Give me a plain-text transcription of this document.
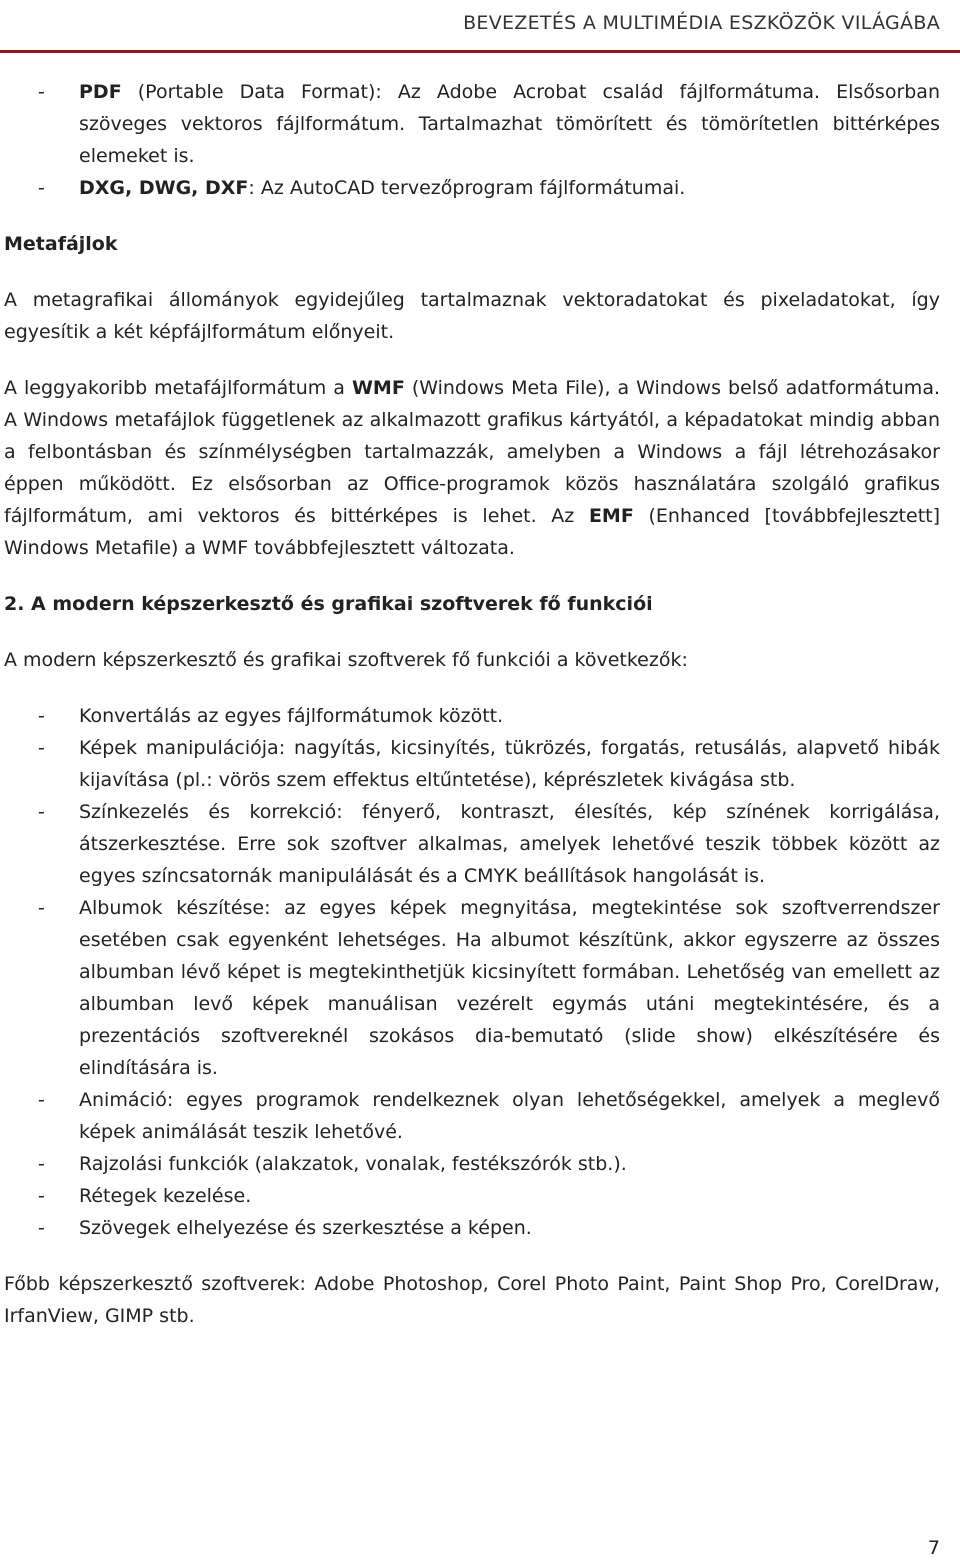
BEVEZETÉS A MULTIMÉDIA ESZKÖZÖK VILÁGÁBA
- PDF (Portable Data Format): Az Adobe Acrobat család fájlformátuma. Elsősorban szöveges vektoros fájlformátum. Tartalmazhat tömörített és tömörítetlen bittérképes elemeket is.
- DXG, DWG, DXF: Az AutoCAD tervezőprogram fájlformátumai.

Metafájlok

A metagrafikai állományok egyidejűleg tartalmaznak vektoradatokat és pixeladatokat, így egyesítik a két képfájlformátum előnyeit.

A leggyakoribb metafájlformátum a WMF (Windows Meta File), a Windows belső adatformátuma. A Windows metafájlok függetlenek az alkalmazott grafikus kártyától, a képadatokat mindig abban a felbontásban és színmélységben tartalmazzák, amelyben a Windows a fájl létrehozásakor éppen működött. Ez elsősorban az Office-programok közös használatára szolgáló grafikus fájlformátum, ami vektoros és bittérképes is lehet. Az EMF (Enhanced [továbbfejlesztett] Windows Metafile) a WMF továbbfejlesztett változata.

2. A modern képszerkesztő és grafikai szoftverek fő funkciói

A modern képszerkesztő és grafikai szoftverek fő funkciói a következők:

- Konvertálás az egyes fájlformátumok között.
- Képek manipulációja: nagyítás, kicsinyítés, tükrözés, forgatás, retusálás, alapvető hibák kijavítása (pl.: vörös szem effektus eltűntetése), képrészletek kivágása stb.
- Színkezelés és korrekció: fényerő, kontraszt, élesítés, kép színének korrigálása, átszerkesztése. Erre sok szoftver alkalmas, amelyek lehetővé teszik többek között az egyes színcsatornák manipulálását és a CMYK beállítások hangolását is.
- Albumok készítése: az egyes képek megnyitása, megtekintése sok szoftverrendszer esetében csak egyenként lehetséges. Ha albumot készítünk, akkor egyszerre az összes albumban lévő képet is megtekinthetjük kicsinyített formában. Lehetőség van emellett az albumban levő képek manuálisan vezérelt egymás utáni megtekintésére, és a prezentációs szoftvereknél szokásos dia-bemutató (slide show) elkészítésére és elindítására is.
- Animáció: egyes programok rendelkeznek olyan lehetőségekkel, amelyek a meglevő képek animálását teszik lehetővé.
- Rajzolási funkciók (alakzatok, vonalak, festékszórók stb.).
- Rétegek kezelése.
- Szövegek elhelyezése és szerkesztése a képen.

Főbb képszerkesztő szoftverek: Adobe Photoshop, Corel Photo Paint, Paint Shop Pro, CorelDraw, IrfanView, GIMP stb.

7
